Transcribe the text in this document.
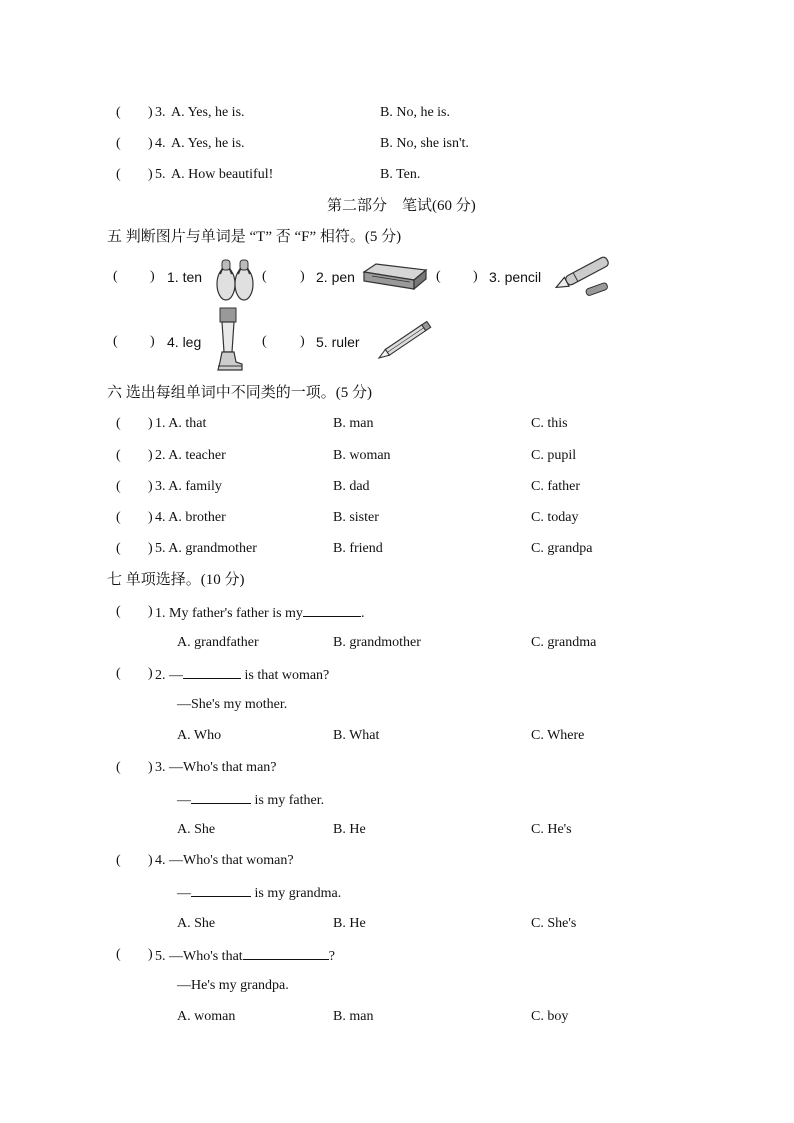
( ) 3. A. Yes, he is.	B. No, he is.
( ) 4. A. Yes, he is.	B. No, she isn't.
( ) 5. A. How beautiful!	B. Ten.
第二部分　笔试(60 分)
五 判断图片与单词是 “T” 否 “F” 相符。(5 分)
( ) 1. ten	( ) 2. pen	( ) 3. pencil
( ) 4. leg	( ) 5. ruler
六 选出每组单词中不同类的一项。(5 分)
( ) 1. A. that	B. man	C. this
( ) 2. A. teacher	B. woman	C. pupil
( ) 3. A. family	B. dad	C. father
( ) 4. A. brother	B. sister	C. today
( ) 5. A. grandmother	B. friend	C. grandpa
七 单项选择。(10 分)
( ) 1. My father's father is my	.
A. grandfather	B. grandmother	C. grandma
( ) 2. —	is that woman?
—She's my mother.
A. Who	B. What	C. Where
( ) 3. —Who's that man?
—	is my father.
A. She	B. He	C. He's
( ) 4. —Who's that woman?
—	is my grandma.
A. She	B. He	C. She's
( ) 5. —Who's that	?
—He's my grandpa.
A. woman	B. man	C. boy
